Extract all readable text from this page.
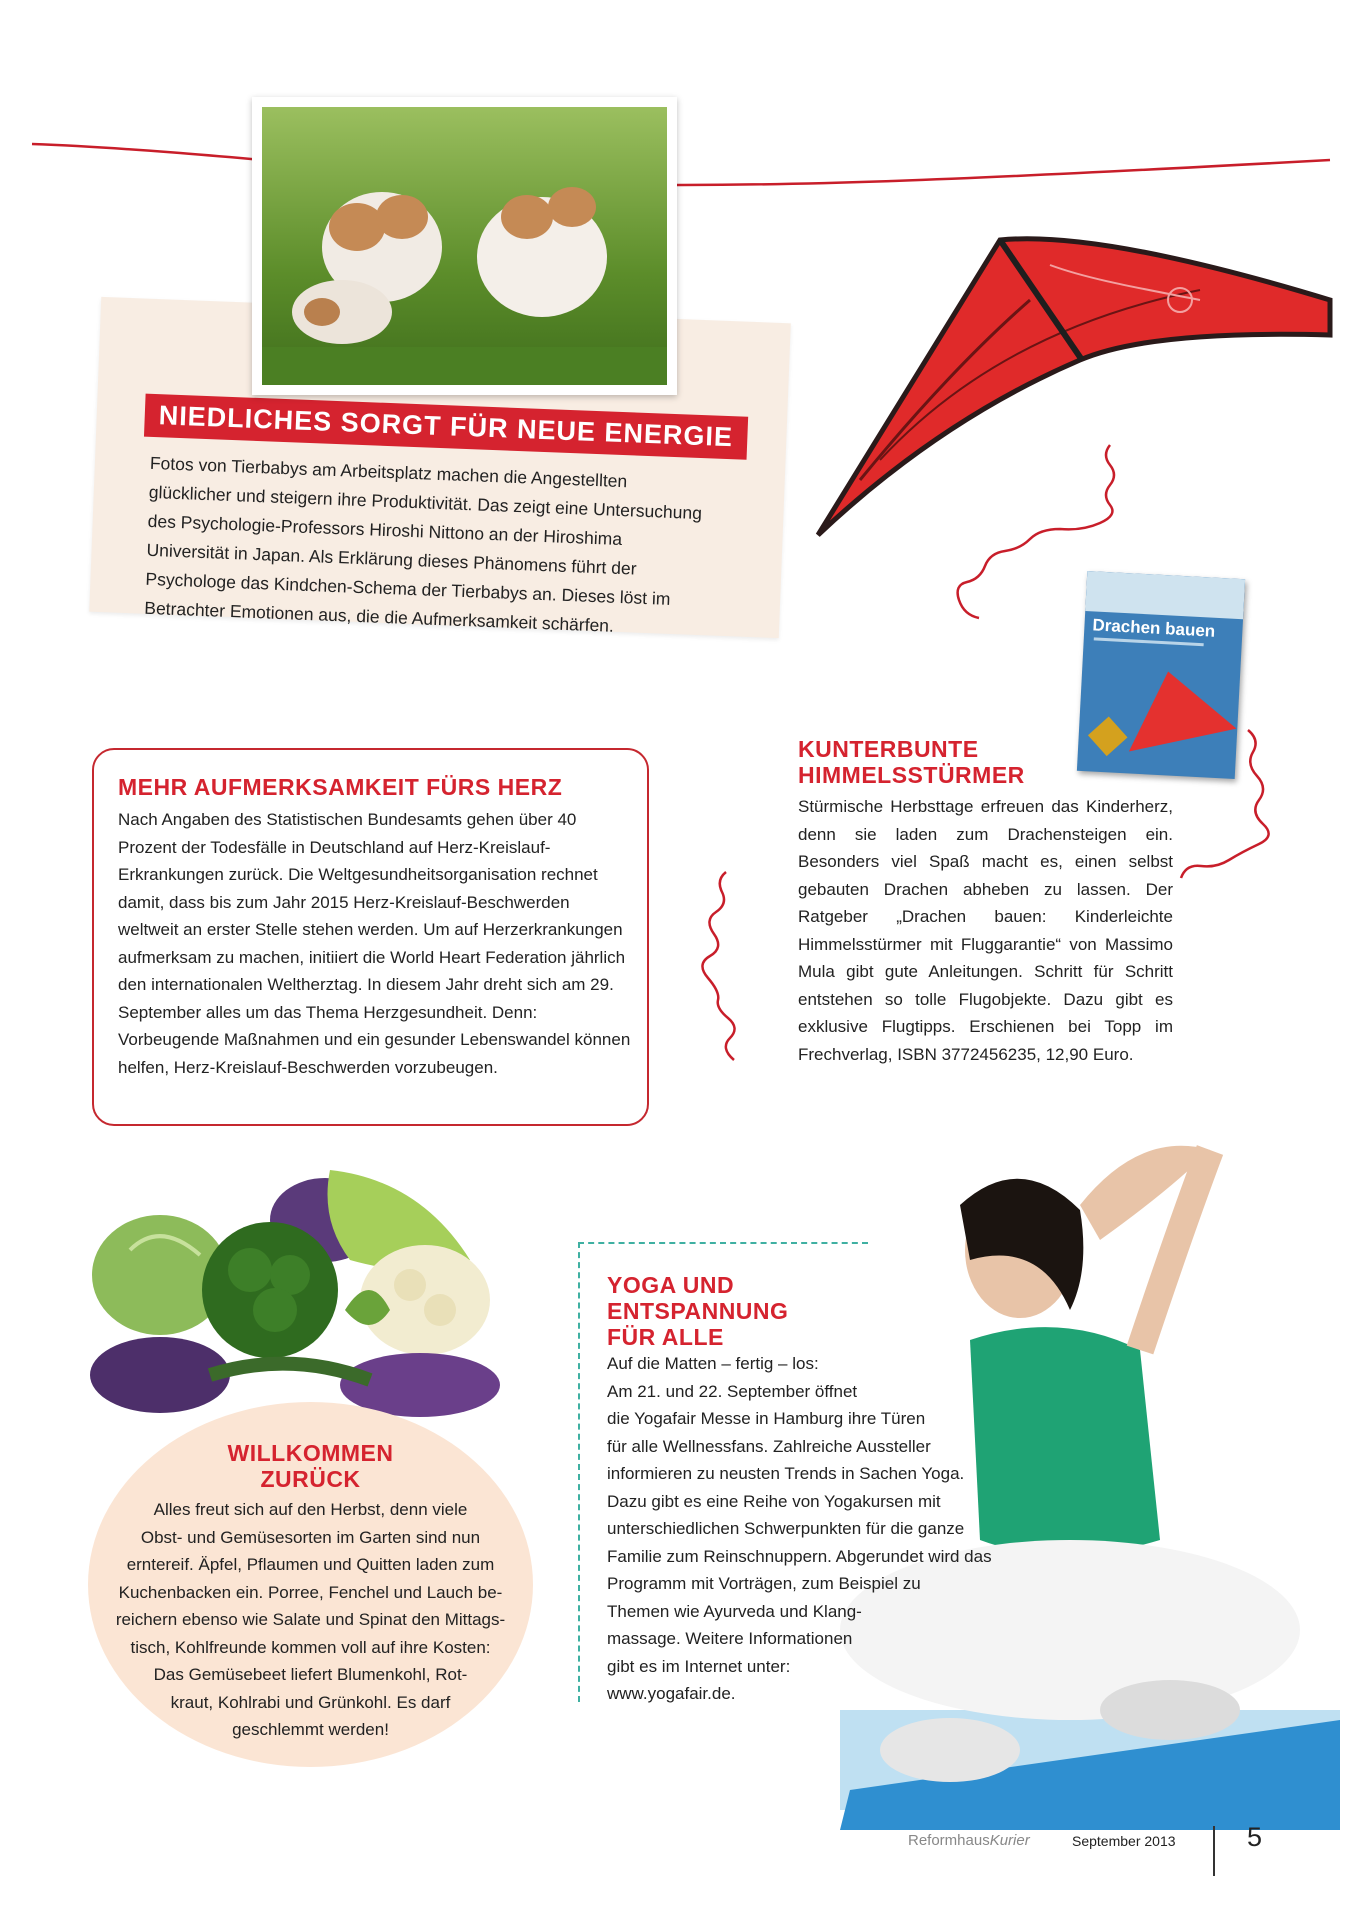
NIEDLICHES SORGT FÜR NEUE ENERGIE
Fotos von Tierbabys am Arbeitsplatz machen die Angestellten glücklicher und steigern ihre Produktivität. Das zeigt eine Untersuchung des Psychologie-Professors Hiroshi Nittono an der Hiroshima Universität in Japan. Als Erklärung dieses Phänomens führt der Psychologe das Kindchen-Schema der Tierbabys an. Dieses löst im Betrachter Emotionen aus, die die Aufmerksamkeit schärfen.	Drachen bauen
MEHR AUFMERKSAMKEIT FÜRS HERZ
Nach Angaben des Statistischen Bundesamts gehen über 40 Prozent der Todesfälle in Deutschland auf Herz-Kreislauf-Erkrankungen zurück. Die Weltgesundheitsorganisation rechnet damit, dass bis zum Jahr 2015 Herz-Kreislauf-Beschwerden weltweit an erster Stelle stehen werden. Um auf Herzerkrankungen aufmerksam zu machen, initiiert die World Heart Federation jährlich den internationalen Weltherztag. In diesem Jahr dreht sich am 29. September alles um das Thema Herzgesundheit. Denn: Vorbeugende Maßnahmen und ein gesunder Lebenswandel können helfen, Herz-Kreislauf-Beschwerden vorzubeugen.
KUNTERBUNTE
HIMMELSSTÜRMER
Stürmische Herbsttage erfreuen das Kinderherz, denn sie laden zum Drachensteigen ein. Besonders viel Spaß macht es, einen selbst gebauten Drachen abheben zu lassen. Der Ratgeber „Drachen bauen: Kinderleichte Himmelsstürmer mit Fluggarantie“ von Massimo Mula gibt gute Anleitungen. Schritt für Schritt entstehen so tolle Flugobjekte. Dazu gibt es exklusive Flugtipps. Erschienen bei Topp im Frechverlag, ISBN 3772456235, 12,90 Euro.
WILLKOMMEN
ZURÜCK
Alles freut sich auf den Herbst, denn viele
Obst- und Gemüsesorten im Garten sind nun
erntereif. Äpfel, Pflaumen und Quitten laden zum
Kuchenbacken ein. Porree, Fenchel und Lauch be-
reichern ebenso wie Salate und Spinat den Mittags-
tisch, Kohlfreunde kommen voll auf ihre Kosten:
Das Gemüsebeet liefert Blumenkohl, Rot-
kraut, Kohlrabi und Grünkohl. Es darf
geschlemmt werden!
YOGA UND
ENTSPANNUNG
FÜR ALLE
Auf die Matten – fertig – los:
Am 21. und 22. September öffnet
die Yogafair Messe in Hamburg ihre Türen
für alle Wellnessfans. Zahlreiche Aussteller
informieren zu neusten Trends in Sachen Yoga.
Dazu gibt es eine Reihe von Yogakursen mit
unterschiedlichen Schwerpunkten für die ganze
Familie zum Reinschnuppern. Abgerundet wird das
Programm mit Vorträgen, zum Beispiel zu
Themen wie Ayurveda und Klang-
massage. Weitere Informationen
gibt es im Internet unter:
www.yogafair.de.
ReformhausKurier	September 2013	5
